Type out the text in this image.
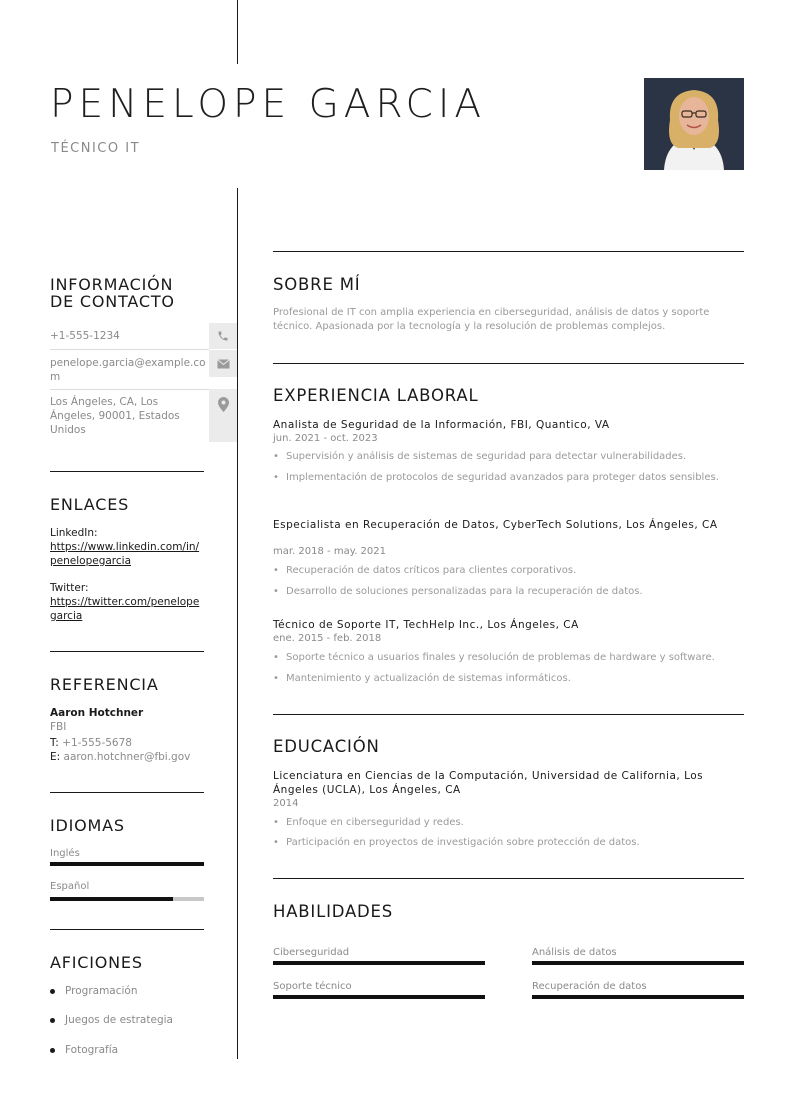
PENELOPE GARCIA
TÉCNICO IT
INFORMACIÓN
DE CONTACTO
+1-555-1234
penelope.garcia@example.com
Los Ángeles, CA, Los Ángeles, 90001, Estados Unidos
ENLACES
LinkedIn:
https://www.linkedin.com/in/penelopegarcia
Twitter:
https://twitter.com/penelopegarcia
REFERENCIA
Aaron Hotchner
FBI
T: +1-555-5678
E: aaron.hotchner@fbi.gov
IDIOMAS
Inglés
Español
AFICIONES
Programación
Juegos de estrategia
Fotografía
SOBRE MÍ
Profesional de IT con amplia experiencia en ciberseguridad, análisis de datos y soporte técnico. Apasionada por la tecnología y la resolución de problemas complejos.
EXPERIENCIA LABORAL
Analista de Seguridad de la Información, FBI, Quantico, VA
jun. 2021 - oct. 2023
• Supervisión y análisis de sistemas de seguridad para detectar vulnerabilidades.
• Implementación de protocolos de seguridad avanzados para proteger datos sensibles.
Especialista en Recuperación de Datos, CyberTech Solutions, Los Ángeles, CA
mar. 2018 - may. 2021
• Recuperación de datos críticos para clientes corporativos.
• Desarrollo de soluciones personalizadas para la recuperación de datos.
Técnico de Soporte IT, TechHelp Inc., Los Ángeles, CA
ene. 2015 - feb. 2018
• Soporte técnico a usuarios finales y resolución de problemas de hardware y software.
• Mantenimiento y actualización de sistemas informáticos.
EDUCACIÓN
Licenciatura en Ciencias de la Computación, Universidad de California, Los Ángeles (UCLA), Los Ángeles, CA
2014
• Enfoque en ciberseguridad y redes.
• Participación en proyectos de investigación sobre protección de datos.
HABILIDADES
Ciberseguridad	Análisis de datos
Soporte técnico	Recuperación de datos
